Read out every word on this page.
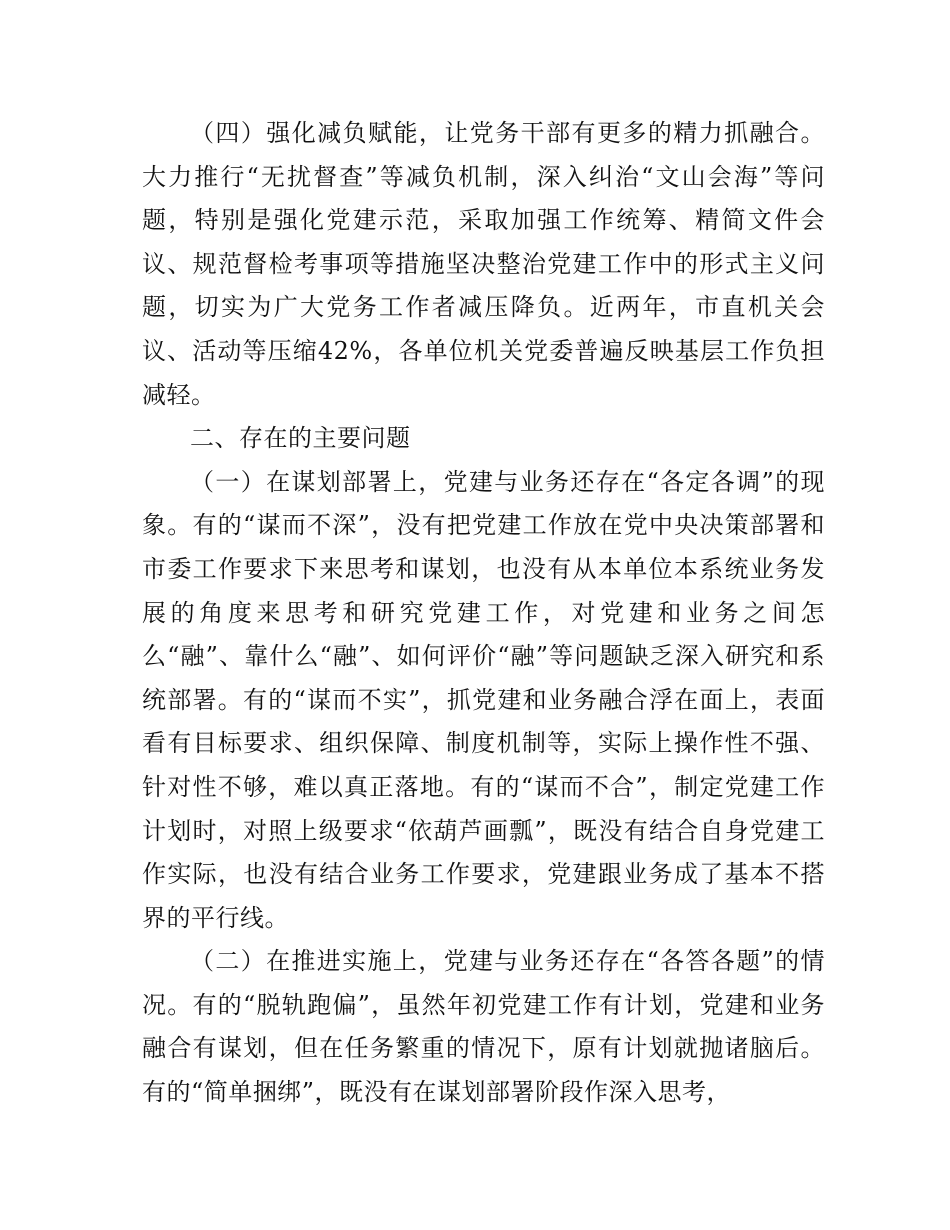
（四）强化减负赋能，让党务干部有更多的精力抓融合。大力推行“无扰督查”等减负机制，深入纠治“文山会海”等问题，特别是强化党建示范，采取加强工作统筹、精简文件会议、规范督检考事项等措施坚决整治党建工作中的形式主义问题，切实为广大党务工作者减压降负。近两年，市直机关会议、活动等压缩42%，各单位机关党委普遍反映基层工作负担减轻。

二、存在的主要问题

（一）在谋划部署上，党建与业务还存在“各定各调”的现象。有的“谋而不深”，没有把党建工作放在党中央决策部署和市委工作要求下来思考和谋划，也没有从本单位本系统业务发展的角度来思考和研究党建工作，对党建和业务之间怎么“融”、靠什么“融”、如何评价“融”等问题缺乏深入研究和系统部署。有的“谋而不实”，抓党建和业务融合浮在面上，表面看有目标要求、组织保障、制度机制等，实际上操作性不强、针对性不够，难以真正落地。有的“谋而不合”，制定党建工作计划时，对照上级要求“依葫芦画瓢”，既没有结合自身党建工作实际，也没有结合业务工作要求，党建跟业务成了基本不搭界的平行线。

（二）在推进实施上，党建与业务还存在“各答各题”的情况。有的“脱轨跑偏”，虽然年初党建工作有计划，党建和业务融合有谋划，但在任务繁重的情况下，原有计划就抛诸脑后。有的“简单捆绑”，既没有在谋划部署阶段作深入思考，
